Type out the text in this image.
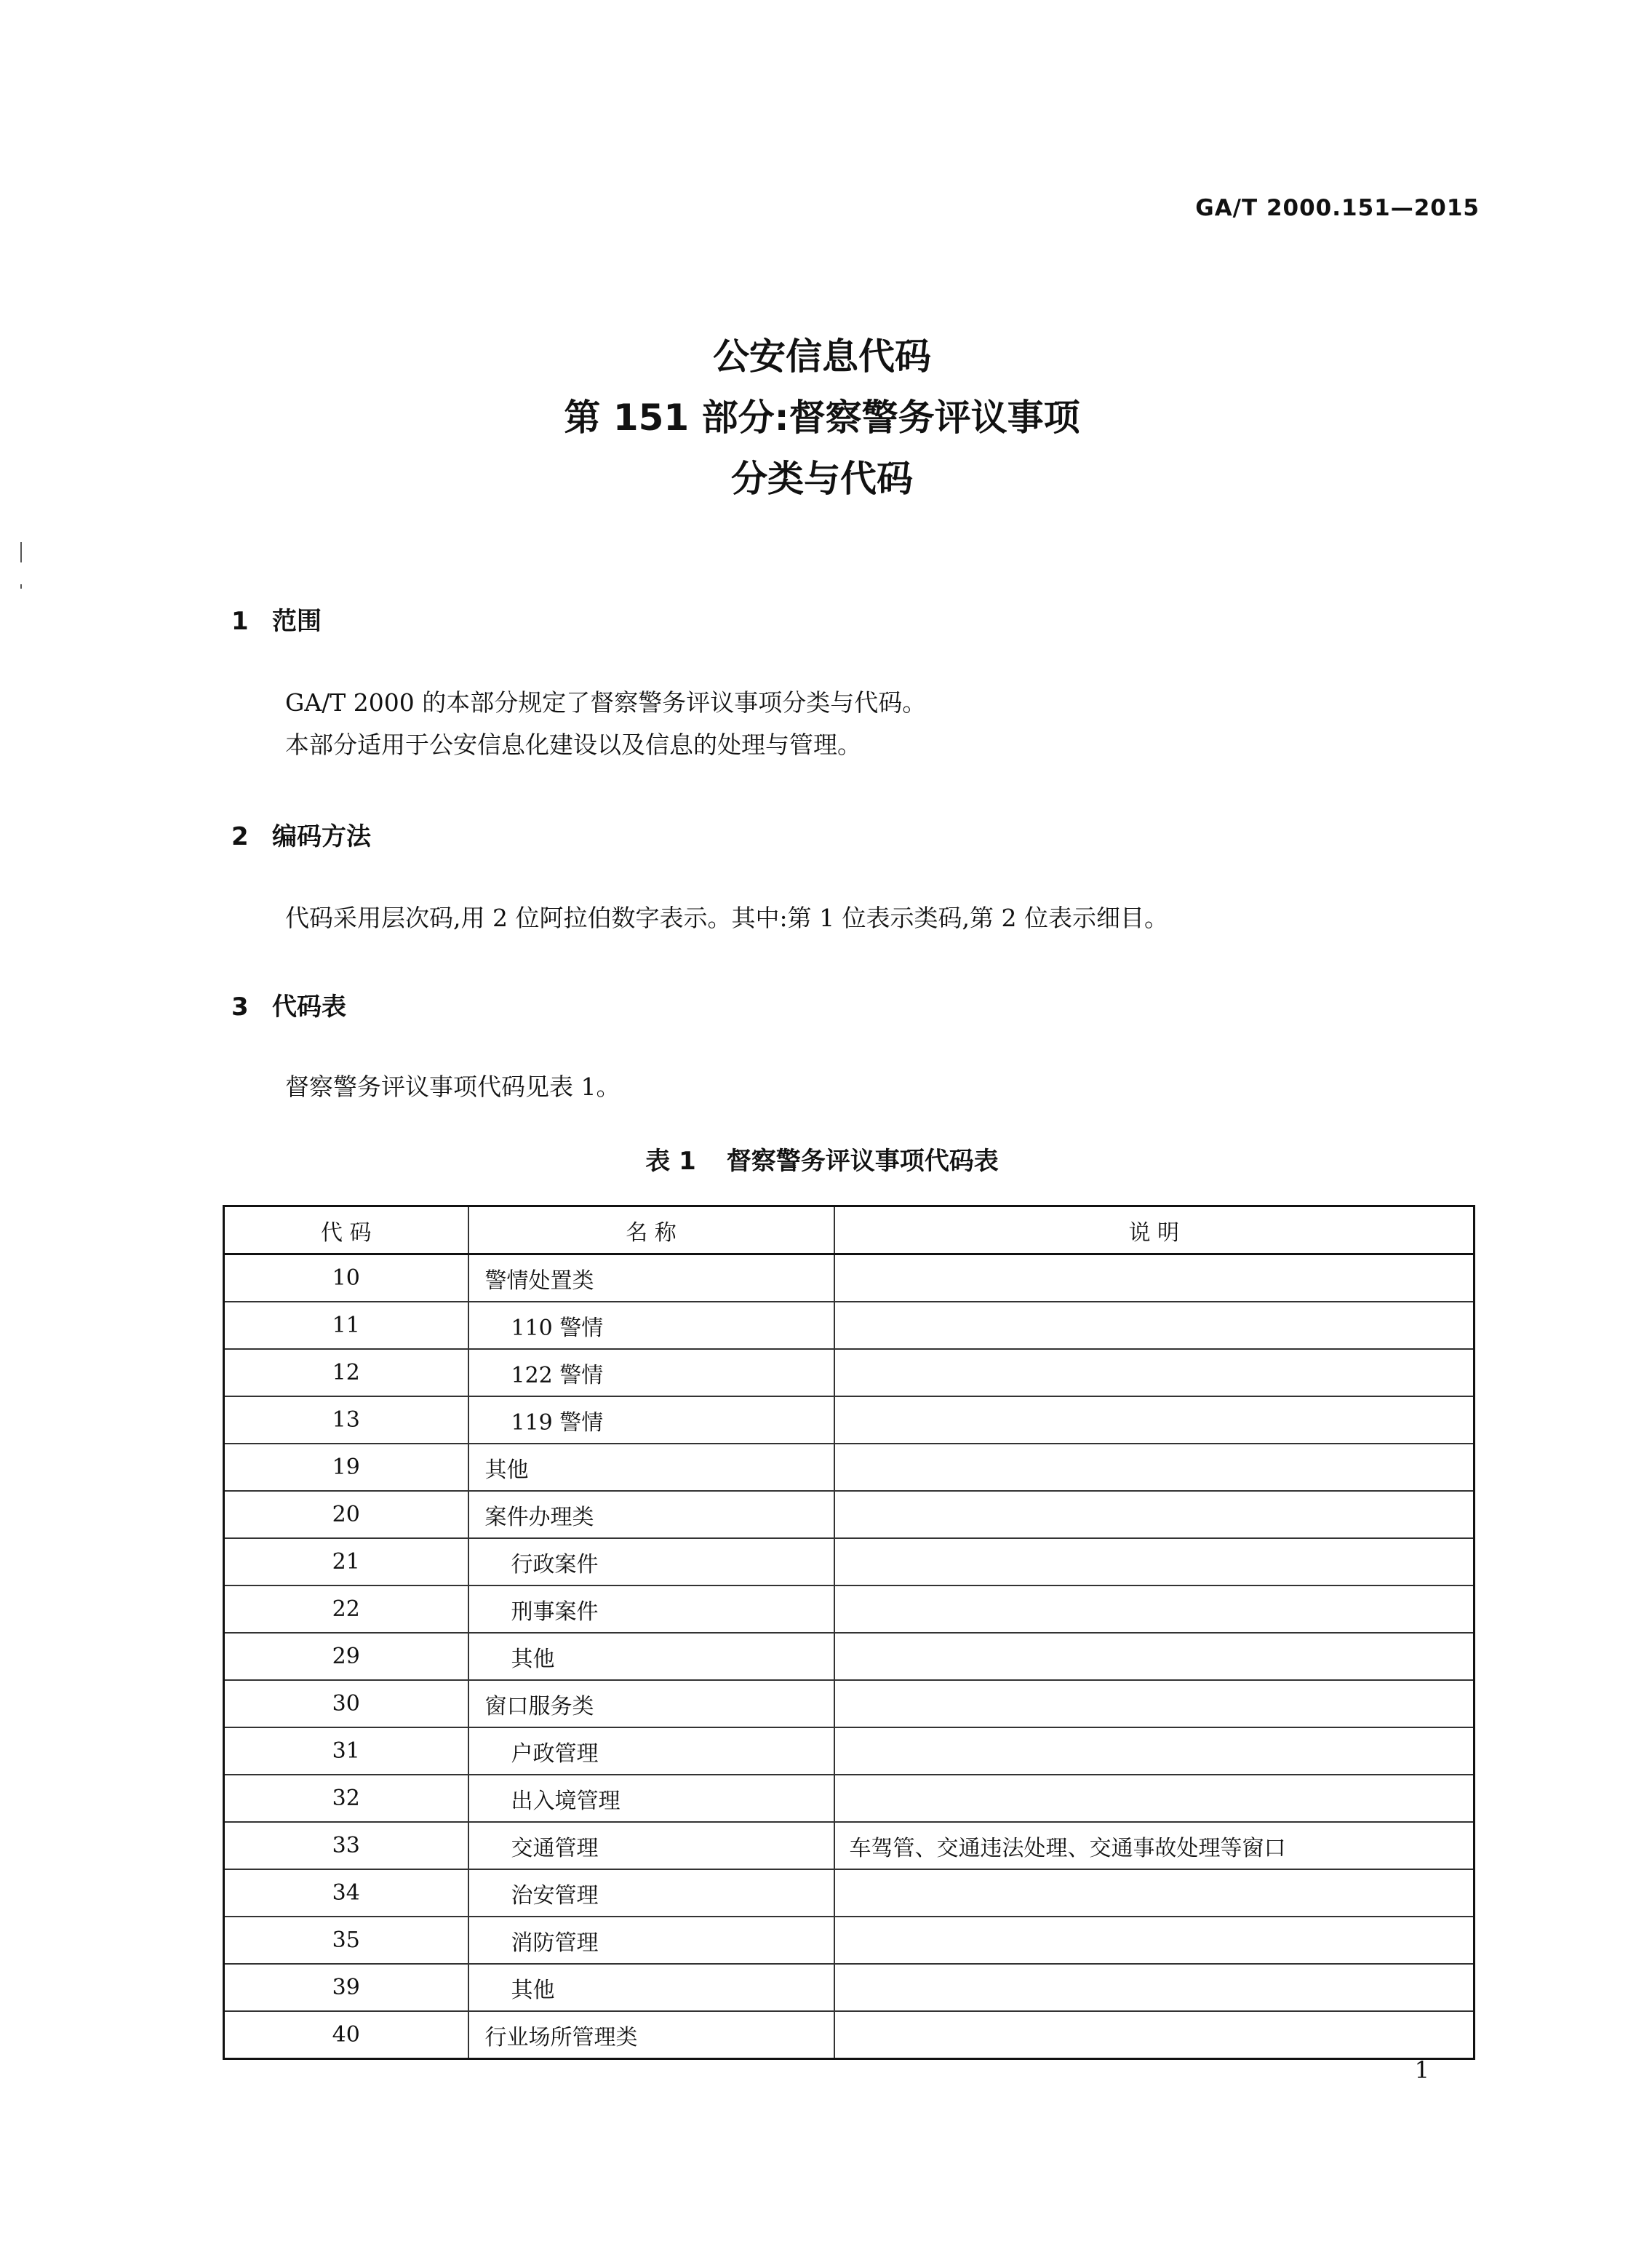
GA/T 2000.151—2015
公安信息代码
第 151 部分:督察警务评议事项
分类与代码
1 范围
GA/T 2000 的本部分规定了督察警务评议事项分类与代码。
本部分适用于公安信息化建设以及信息的处理与管理。
2 编码方法
代码采用层次码,用 2 位阿拉伯数字表示。其中:第 1 位表示类码,第 2 位表示细目。
3 代码表
督察警务评议事项代码见表 1。
表 1 督察警务评议事项代码表
代 码	名 称	说 明
10	警情处置类	
11	110 警情	
12	122 警情	
13	119 警情	
19	其他	
20	案件办理类	
21	行政案件	
22	刑事案件	
29	其他	
30	窗口服务类	
31	户政管理	
32	出入境管理	
33	交通管理	车驾管、交通违法处理、交通事故处理等窗口
34	治安管理	
35	消防管理	
39	其他	
40	行业场所管理类	
1
